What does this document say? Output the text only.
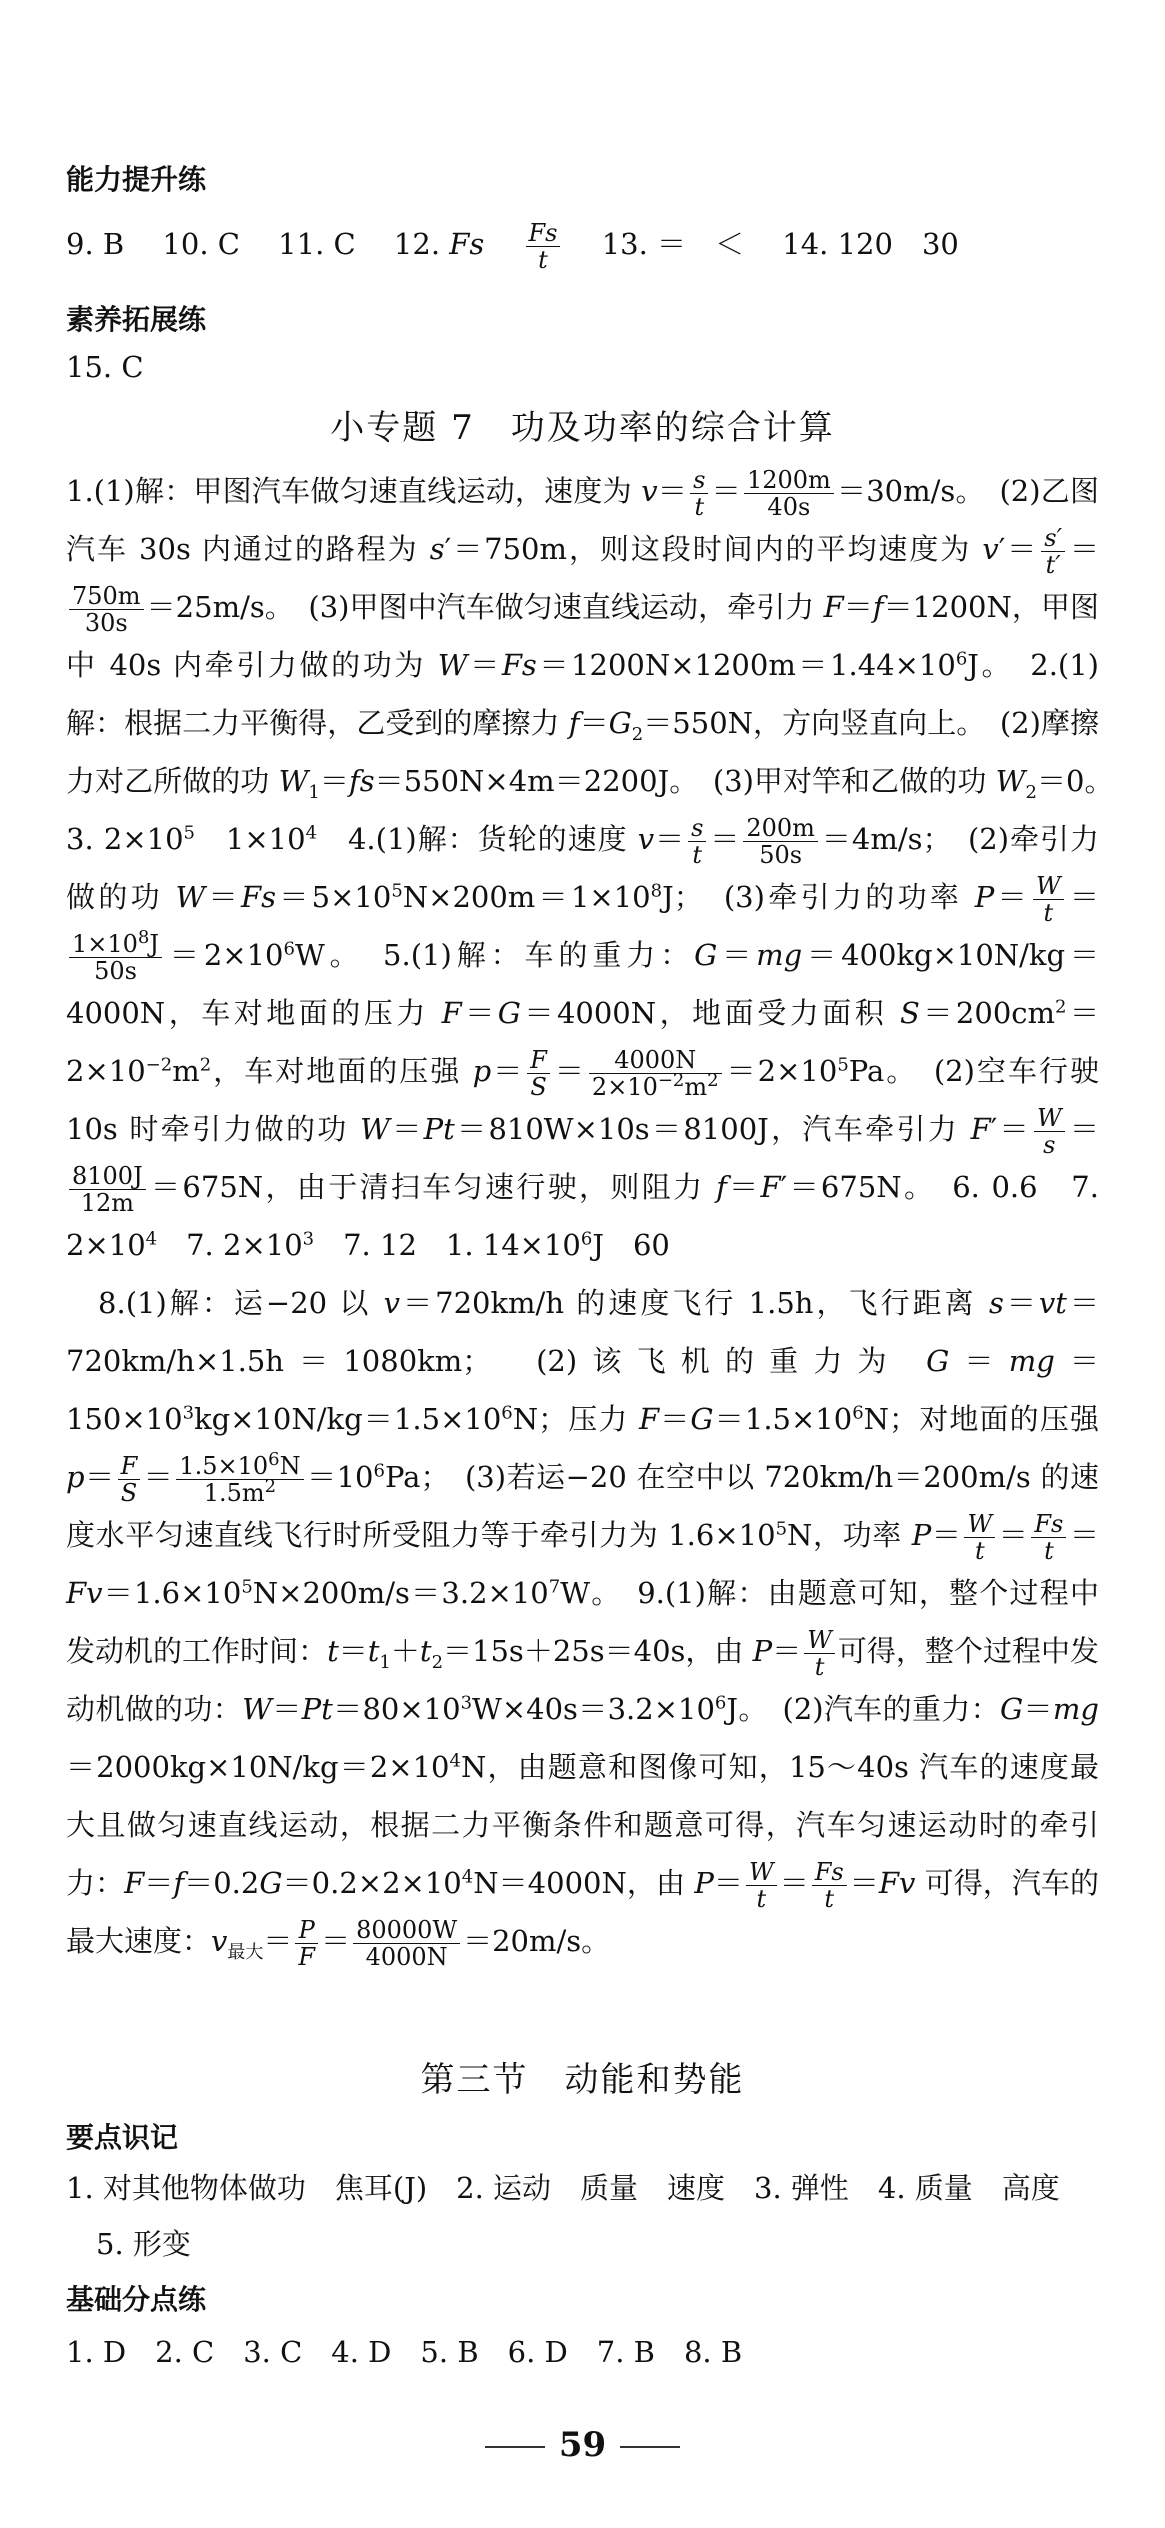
能力提升练
9. B　 10. C　 11. C　 12. Fs　 $\frac{Fs}{t}$
　 13. ＝　＜　 14. 120　30
素养拓展练
15. C
小专题 7　功及功率的综合计算
1.(1)解：甲图汽车做匀速直线运动，速度为 $v= \frac{s}{t} = \frac{1200m}{40s} =30m/s$。　(2)乙图汽车 30s 内通过的路程为 s′＝750m，则这段时间内的平均速度为 $v'= \frac{s'}{t'}$ ＝
$\frac{750m}{30s} =25m/s$。　(3)甲图中汽车做匀速直线运动，牵引力 F＝f＝1200N，甲图中 40s 内牵引力做的功为 $W=Fs=1200N\times 1200m=1.44\times 10^6J$。　2.(1)解：根据二力平衡得，乙受到的摩擦力 $f=G_2=550N$，方向竖直向上。　(2)摩擦力对乙所做的功 $W_1=fs=550N\times 4m=2200J$。　(3)甲对竿和乙做的功 $W_2=0$。　3. $2\times 10^5$　$1\times 10^4$　4.(1)解：货轮的速度 $v= \frac{s}{t} = \frac{200m}{50s} =4m/s$；　(2)牵引力做的功 $W=Fs=5\times 10^5N\times 200m=1\times 10^8J$；　(3)牵引力的功率 $P= \frac{W}{t}$ ＝
$\frac{1\times 10^8J}{50s} =2\times 10^6W$。　5.(1)解：车的重力：G＝mg＝400kg×10N/kg＝4000N，车对地面的压力 F＝G＝4000N，地面受力面积 $S=200cm^2=2\times 10^{-2}m^2$，车对地面的压强 $p= \frac{F}{S} = \frac{4000N}{2\times 10^{-2}m^2} =2\times 10^5Pa$。　(2)空车行驶 10s 时牵引力做的功 W＝Pt＝810W×10s＝8100J，汽车牵引力 $F'= \frac{W}{s}$ ＝
$\frac{8100J}{12m} =675N$，由于清扫车匀速行驶，则阻力 f＝F′＝675N。　6. 0.6　7. $2\times 10^4$　7. $2\times 10^3$　7. 12　1. $14\times 10^6J$　60
　8.(1)解：运−20 以 v＝720km/h 的速度飞行 1.5h，飞行距离 s＝vt＝720km/h×1.5h＝1080km；　(2)该飞机的重力为 $G=mg=150\times 10^3kg\times 10N/kg=1.5\times 10^6N$；压力 $F=G=1.5\times 10^6N$；对地面的压强 $p= \frac{F}{S} = \frac{1.5\times 10^6N}{1.5m^2} =10^6Pa$；　(3)若运−20 在空中以 720km/h＝200m/s 的速度水平匀速直线飞行时所受阻力等于牵引力为 $1.6\times 10^5N$，功率 $P= \frac{W}{t} = \frac{Fs}{t} =Fv=1.6\times 10^5N\times 200m/s=3.2\times 10^7W$。　9.(1)解：由题意可知，整个过程中发动机的工作时间：$t=t_1+t_2=15s+25s=40s$，由 $P= \frac{W}{t}$ 可得，整个过程中发动机做的功：$W=Pt=80\times 10^3W\times 40s=3.2\times 10^6J$。　(2)汽车的重力：$G=mg=2000kg\times 10N/kg=2\times 10^4N$，由题意和图像可知，15～40s 汽车的速度最大且做匀速直线运动，根据二力平衡条件和题意可得，汽车匀速运动时的牵引力：$F=f=0.2G=0.2\times 2\times 10^4N=4000N$，由 $P= \frac{W}{t} = \frac{Fs}{t} =Fv$ 可得，汽车的最大速度：$v_{最大}= \frac{P}{F} = \frac{80000W}{4000N} =20m/s$。
第三节　动能和势能
要点识记
1. 对其他物体做功　焦耳(J)　2. 运动　质量　速度　3. 弹性　4. 质量　高度
5. 形变
基础分点练
1. D　2. C　3. C　4. D　5. B　6. D　7. B　8. B
59
